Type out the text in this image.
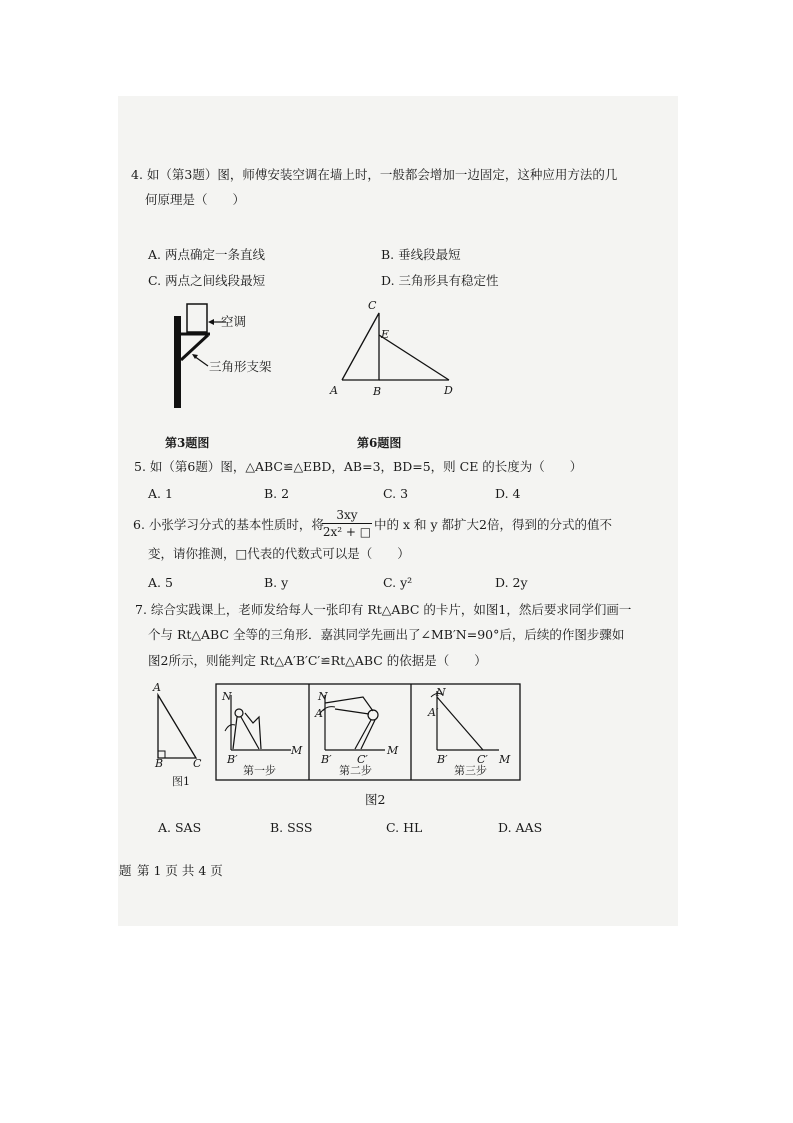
4. 如（第3题）图，师傅安装空调在墙上时，一般都会增加一边固定，这种应用方法的几
何原理是（　　）
A. 两点确定一条直线	B. 垂线段最短
C. 两点之间线段最短	D. 三角形具有稳定性
空调
三角形支架
第3题图
C
E
A	B	D
第6题图
5. 如（第6题）图，△ABC≌△EBD，AB=3，BD=5，则 CE 的长度为（　　）
A. 1	B. 2	C. 3	D. 4
6. 小张学习分式的基本性质时，将
3xy
2x² + □ 中的 x 和 y 都扩大2倍，得到的分式的值不
变，请你推测，□代表的代数式可以是（　　）
A. 5	B. y	C. y²	D. 2y
7. 综合实践课上，老师发给每人一张印有 Rt△ABC 的卡片，如图1，然后要求同学们画一
个与 Rt△ABC 全等的三角形．嘉淇同学先画出了∠MB′N=90°后，后续的作图步骤如
图2所示，则能判定 Rt△A′B′C′≌Rt△ABC 的依据是（　　）
A
B	C
图1
N
B′
M
第一步
N
A′
B′ C′
M
第二步
N
A′
B′	C′ M
第三步
图2
A. SAS	B. SSS	C. HL	D. AAS
题 第 1 页 共 4 页
